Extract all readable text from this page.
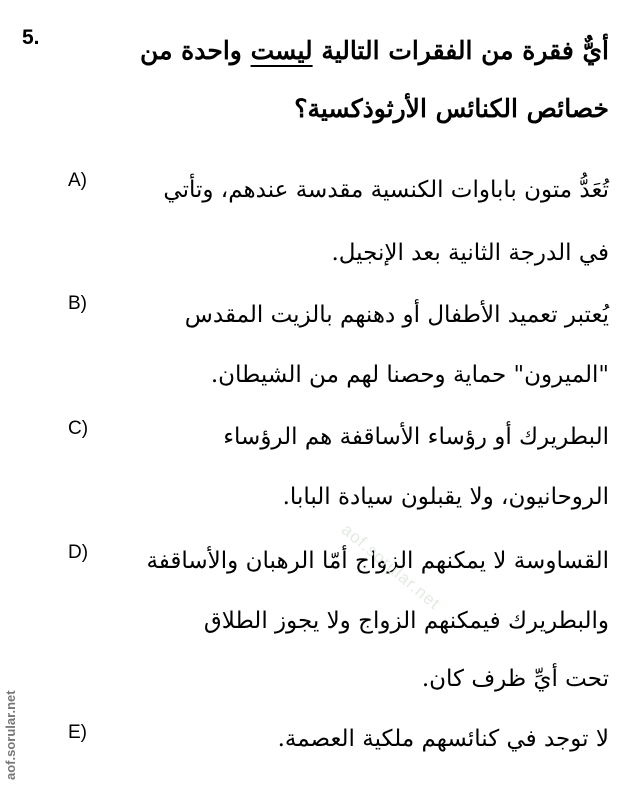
5.	أيٌّ فقرة من الفقرات التالية ليست واحدة من
خصائص الكنائس الأرثوذكسية؟
A)	تُعَدُّ متون باباوات الكنسية مقدسة عندهم، وتأتي
في الدرجة الثانية بعد الإنجيل.
B)	يُعتبر تعميد الأطفال أو دهنهم بالزيت المقدس
"الميرون" حماية وحصنا لهم من الشيطان.
C)	البطريرك أو رؤساء الأساقفة هم الرؤساء
الروحانيون، ولا يقبلون سيادة البابا.
D)	القساوسة لا يمكنهم الزواج أمّا الرهبان والأساقفة
والبطريرك فيمكنهم الزواج ولا يجوز الطلاق
تحت أيِّ ظرف كان.
E)	لا توجد في كنائسهم ملكية العصمة.
aof.sorular.net
aof.sorular.net
